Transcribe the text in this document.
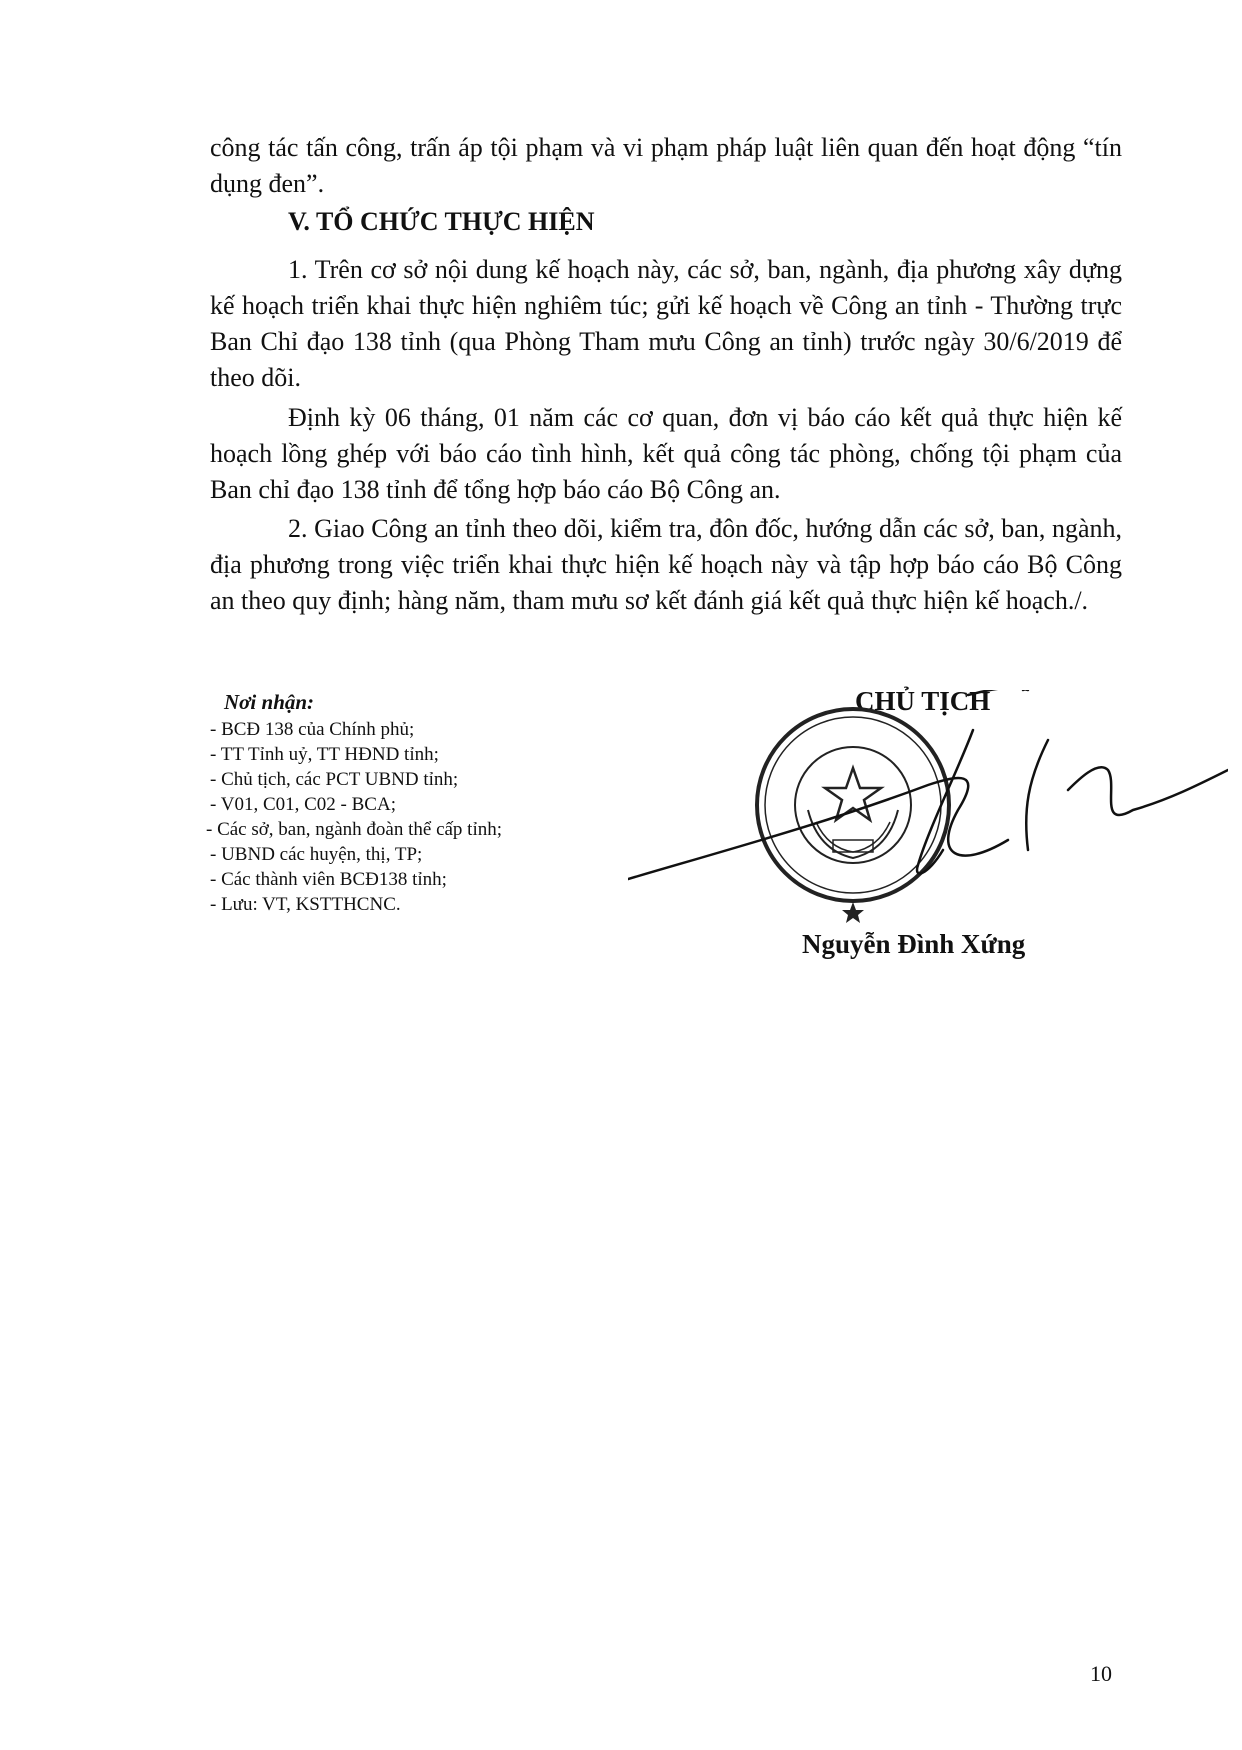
công tác tấn công, trấn áp tội phạm và vi phạm pháp luật liên quan đến hoạt động “tín dụng đen”.

V. TỔ CHỨC THỰC HIỆN

1. Trên cơ sở nội dung kế hoạch này, các sở, ban, ngành, địa phương xây dựng kế hoạch triển khai thực hiện nghiêm túc; gửi kế hoạch về Công an tỉnh - Thường trực Ban Chỉ đạo 138 tỉnh (qua Phòng Tham mưu Công an tỉnh) trước ngày 30/6/2019 để theo dõi.

Định kỳ 06 tháng, 01 năm các cơ quan, đơn vị báo cáo kết quả thực hiện kế hoạch lồng ghép với báo cáo tình hình, kết quả công tác phòng, chống tội phạm của Ban chỉ đạo 138 tỉnh để tổng hợp báo cáo Bộ Công an.

2. Giao Công an tỉnh theo dõi, kiểm tra, đôn đốc, hướng dẫn các sở, ban, ngành, địa phương trong việc triển khai thực hiện kế hoạch này và tập hợp báo cáo Bộ Công an theo quy định; hàng năm, tham mưu sơ kết đánh giá kết quả thực hiện kế hoạch./.

Nơi nhận:
- BCĐ 138 của Chính phủ;
- TT Tỉnh uỷ, TT HĐND tỉnh;
- Chủ tịch, các PCT UBND tỉnh;
- V01, C01, C02 - BCA;
- Các sở, ban, ngành đoàn thể cấp tỉnh;
- UBND các huyện, thị, TP;
- Các thành viên BCĐ138 tỉnh;
- Lưu: VT, KSTTHCNC.
CHỦ TỊCH
Nguyễn Đình Xứng
10
